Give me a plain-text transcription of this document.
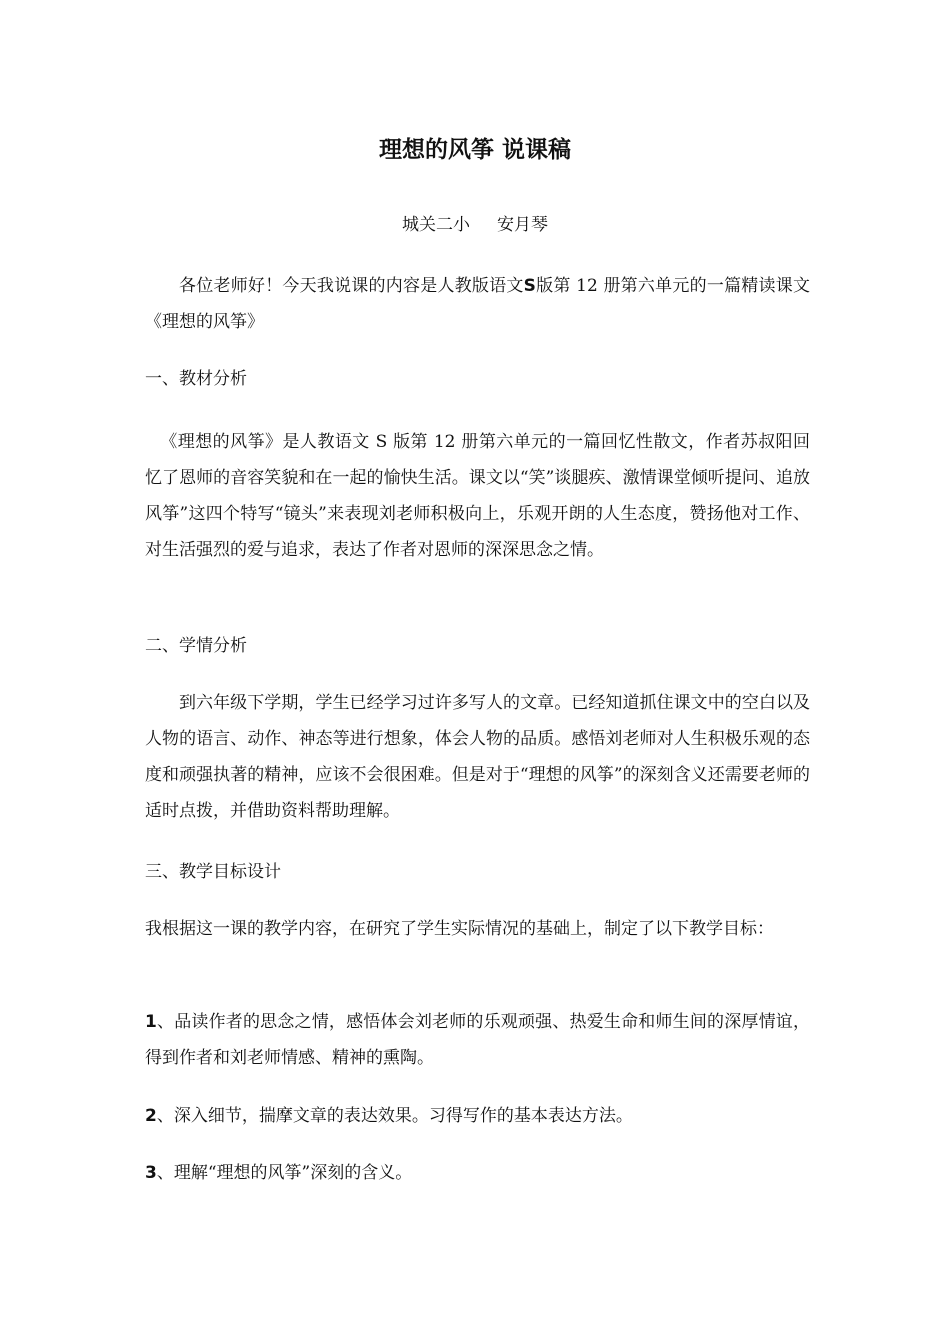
理想的风筝 说课稿

城关二小     安月琴

各位老师好！今天我说课的内容是人教版语文S版第 12 册第六单元的一篇精读课文《理想的风筝》

一、教材分析

《理想的风筝》是人教语文 S 版第 12 册第六单元的一篇回忆性散文，作者苏叔阳回忆了恩师的音容笑貌和在一起的愉快生活。课文以“笑”谈腿疾、激情课堂倾听提问、追放风筝”这四个特写“镜头”来表现刘老师积极向上，乐观开朗的人生态度，赞扬他对工作、对生活强烈的爱与追求，表达了作者对恩师的深深思念之情。

二、学情分析

到六年级下学期，学生已经学习过许多写人的文章。已经知道抓住课文中的空白以及人物的语言、动作、神态等进行想象，体会人物的品质。感悟刘老师对人生积极乐观的态度和顽强执著的精神，应该不会很困难。但是对于“理想的风筝”的深刻含义还需要老师的适时点拨，并借助资料帮助理解。

三、教学目标设计

我根据这一课的教学内容，在研究了学生实际情况的基础上，制定了以下教学目标：

1、品读作者的思念之情，感悟体会刘老师的乐观顽强、热爱生命和师生间的深厚情谊，得到作者和刘老师情感、精神的熏陶。

2、深入细节，揣摩文章的表达效果。习得写作的基本表达方法。

3、理解“理想的风筝”深刻的含义。
